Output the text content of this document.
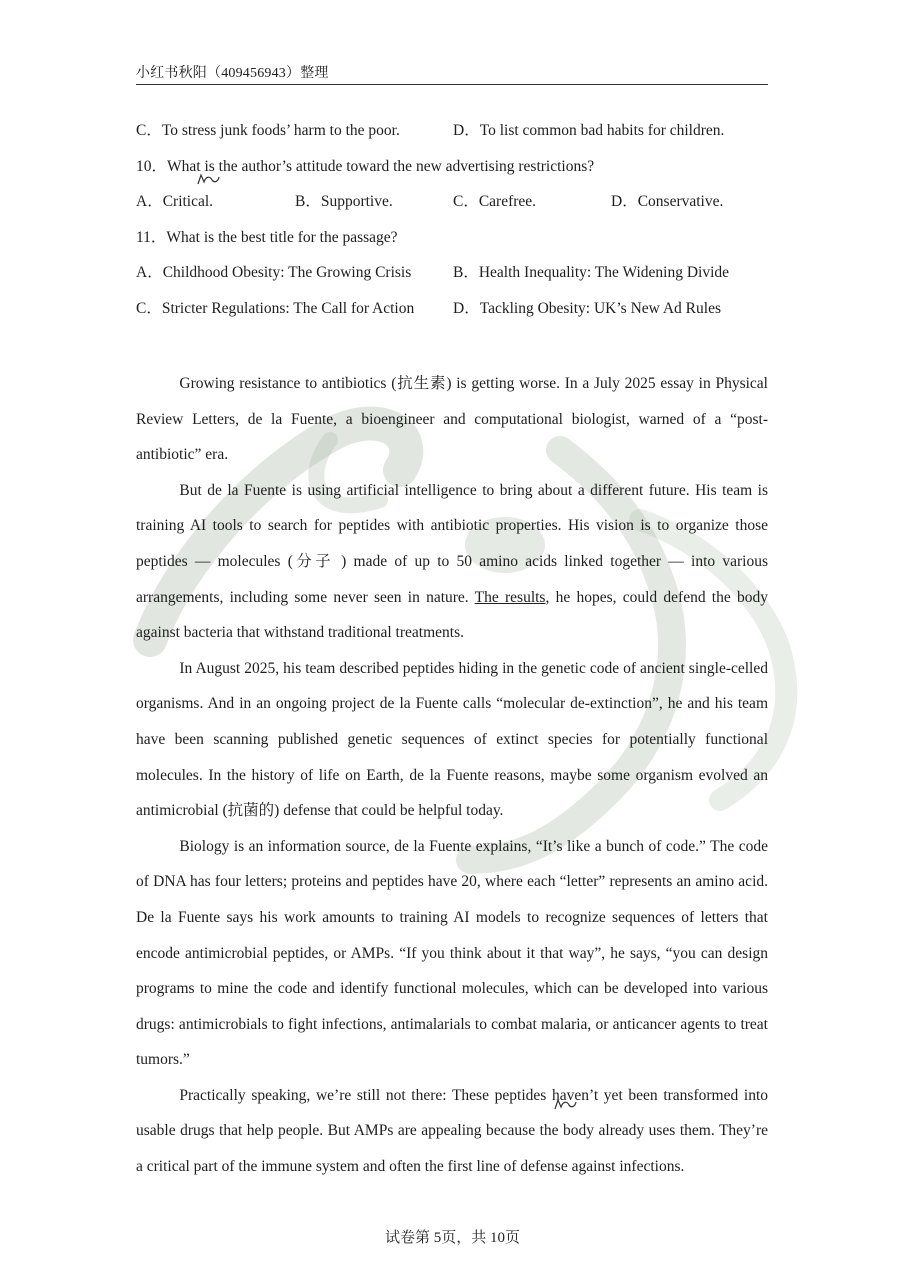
小红书秋阳（409456943）整理
C．To stress junk foods’ harm to the poor.	D．To list common bad habits for children.
10．What is the author’s attitude toward the new advertising restrictions?
A．Critical.	B．Supportive.	C．Carefree.	D．Conservative.
11．What is the best title for the passage?
A．Childhood Obesity: The Growing Crisis	B．Health Inequality: The Widening Divide
C．Stricter Regulations: The Call for Action	D．Tackling Obesity: UK’s New Ad Rules

Growing resistance to antibiotics (抗生素) is getting worse. In a July 2025 essay in Physical Review Letters, de la Fuente, a bioengineer and computational biologist, warned of a “post-antibiotic” era.

But de la Fuente is using artificial intelligence to bring about a different future. His team is training AI tools to search for peptides with antibiotic properties. His vision is to organize those peptides — molecules (分子 ) made of up to 50 amino acids linked together — into various arrangements, including some never seen in nature. The results, he hopes, could defend the body against bacteria that withstand traditional treatments.

In August 2025, his team described peptides hiding in the genetic code of ancient single-celled organisms. And in an ongoing project de la Fuente calls “molecular de-extinction”, he and his team have been scanning published genetic sequences of extinct species for potentially functional molecules. In the history of life on Earth, de la Fuente reasons, maybe some organism evolved an antimicrobial (抗菌的) defense that could be helpful today.

Biology is an information source, de la Fuente explains, “It’s like a bunch of code.” The code of DNA has four letters; proteins and peptides have 20, where each “letter” represents an amino acid. De la Fuente says his work amounts to training AI models to recognize sequences of letters that encode antimicrobial peptides, or AMPs. “If you think about it that way”, he says, “you can design programs to mine the code and identify functional molecules, which can be developed into various drugs: antimicrobials to fight infections, antimalarials to combat malaria, or anticancer agents to treat tumors.”

Practically speaking, we’re still not there: These peptides haven’t yet been transformed into usable drugs that help people. But AMPs are appealing because the body already uses them. They’re a critical part of the immune system and often the first line of defense against infections.

试卷第 5页，共 10页
